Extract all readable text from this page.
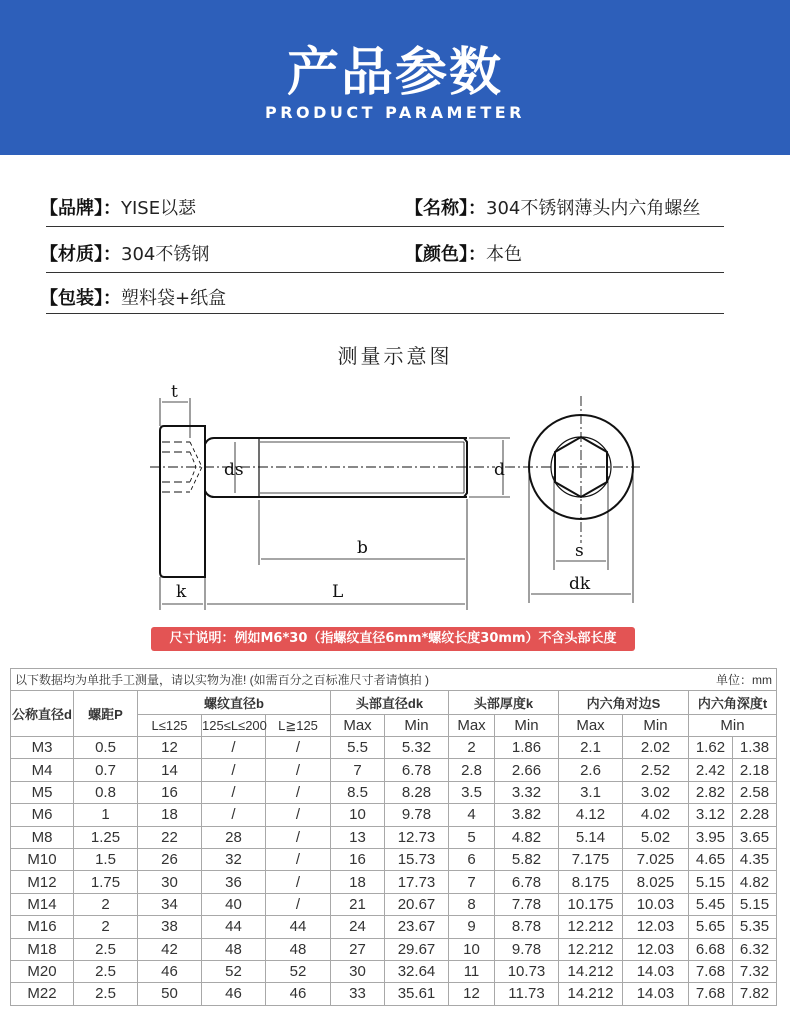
产品参数
PRODUCT PARAMETER
【品牌】：YISE以瑟	【名称】：304不锈钢薄头内六角螺丝
【材质】：304不锈钢	【颜色】：本色
【包装】：塑料袋+纸盒
测量示意图
t
ds	d
b
k	L
s
dk
尺寸说明：例如M6*30（指螺纹直径6mm*螺纹长度30mm）不含头部长度
以下数据均为单批手工测量，请以实物为准! (如需百分之百标准尺寸者请慎拍 ) 单位：mm												

公称直径d	螺距P	螺纹直径b			头部直径dk		头部厚度k		内六角对边S		内六角深度t	
		L≤125	125≤L≤200	L≧125	Max	Min	Max	Min	Max	Min	Min	
M3	0.5	12	/	/	5.5	5.32	2	1.86	2.1	2.02	1.62	1.38
M4	0.7	14	/	/	7	6.78	2.8	2.66	2.6	2.52	2.42	2.18
M5	0.8	16	/	/	8.5	8.28	3.5	3.32	3.1	3.02	2.82	2.58
M6	1	18	/	/	10	9.78	4	3.82	4.12	4.02	3.12	2.28
M8	1.25	22	28	/	13	12.73	5	4.82	5.14	5.02	3.95	3.65
M10	1.5	26	32	/	16	15.73	6	5.82	7.175	7.025	4.65	4.35
M12	1.75	30	36	/	18	17.73	7	6.78	8.175	8.025	5.15	4.82
M14	2	34	40	/	21	20.67	8	7.78	10.175	10.03	5.45	5.15
M16	2	38	44	44	24	23.67	9	8.78	12.212	12.03	5.65	5.35
M18	2.5	42	48	48	27	29.67	10	9.78	12.212	12.03	6.68	6.32
M20	2.5	46	52	52	30	32.64	11	10.73	14.212	14.03	7.68	7.32
M22	2.5	50	46	46	33	35.61	12	11.73	14.212	14.03	7.68	7.82
